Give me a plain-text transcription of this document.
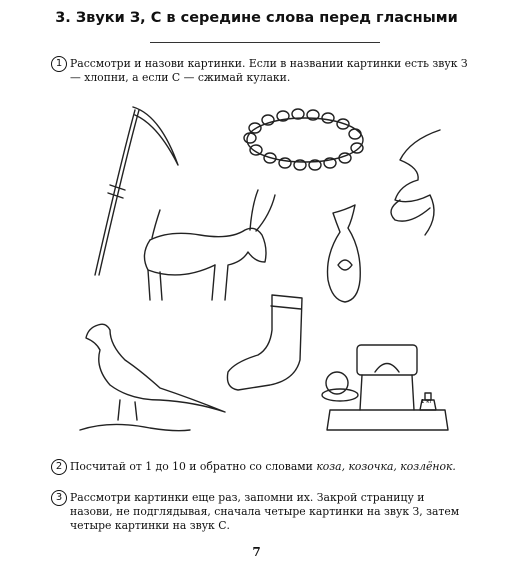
3. Звуки З, С в середине слова перед гласными
1 Рассмотри и назови картинки. Если в названии картинки есть звук З — хлопни, а если С — сжимай кулаки.

1 кг
2 Посчитай от 1 до 10 и обратно со словами коза, козочка, козлёнок.

3 Рассмотри картинки еще раз, запомни их. Закрой страницу и назови, не подглядывая, сначала четыре картинки на звук З, затем четыре картинки на звук С.

7
